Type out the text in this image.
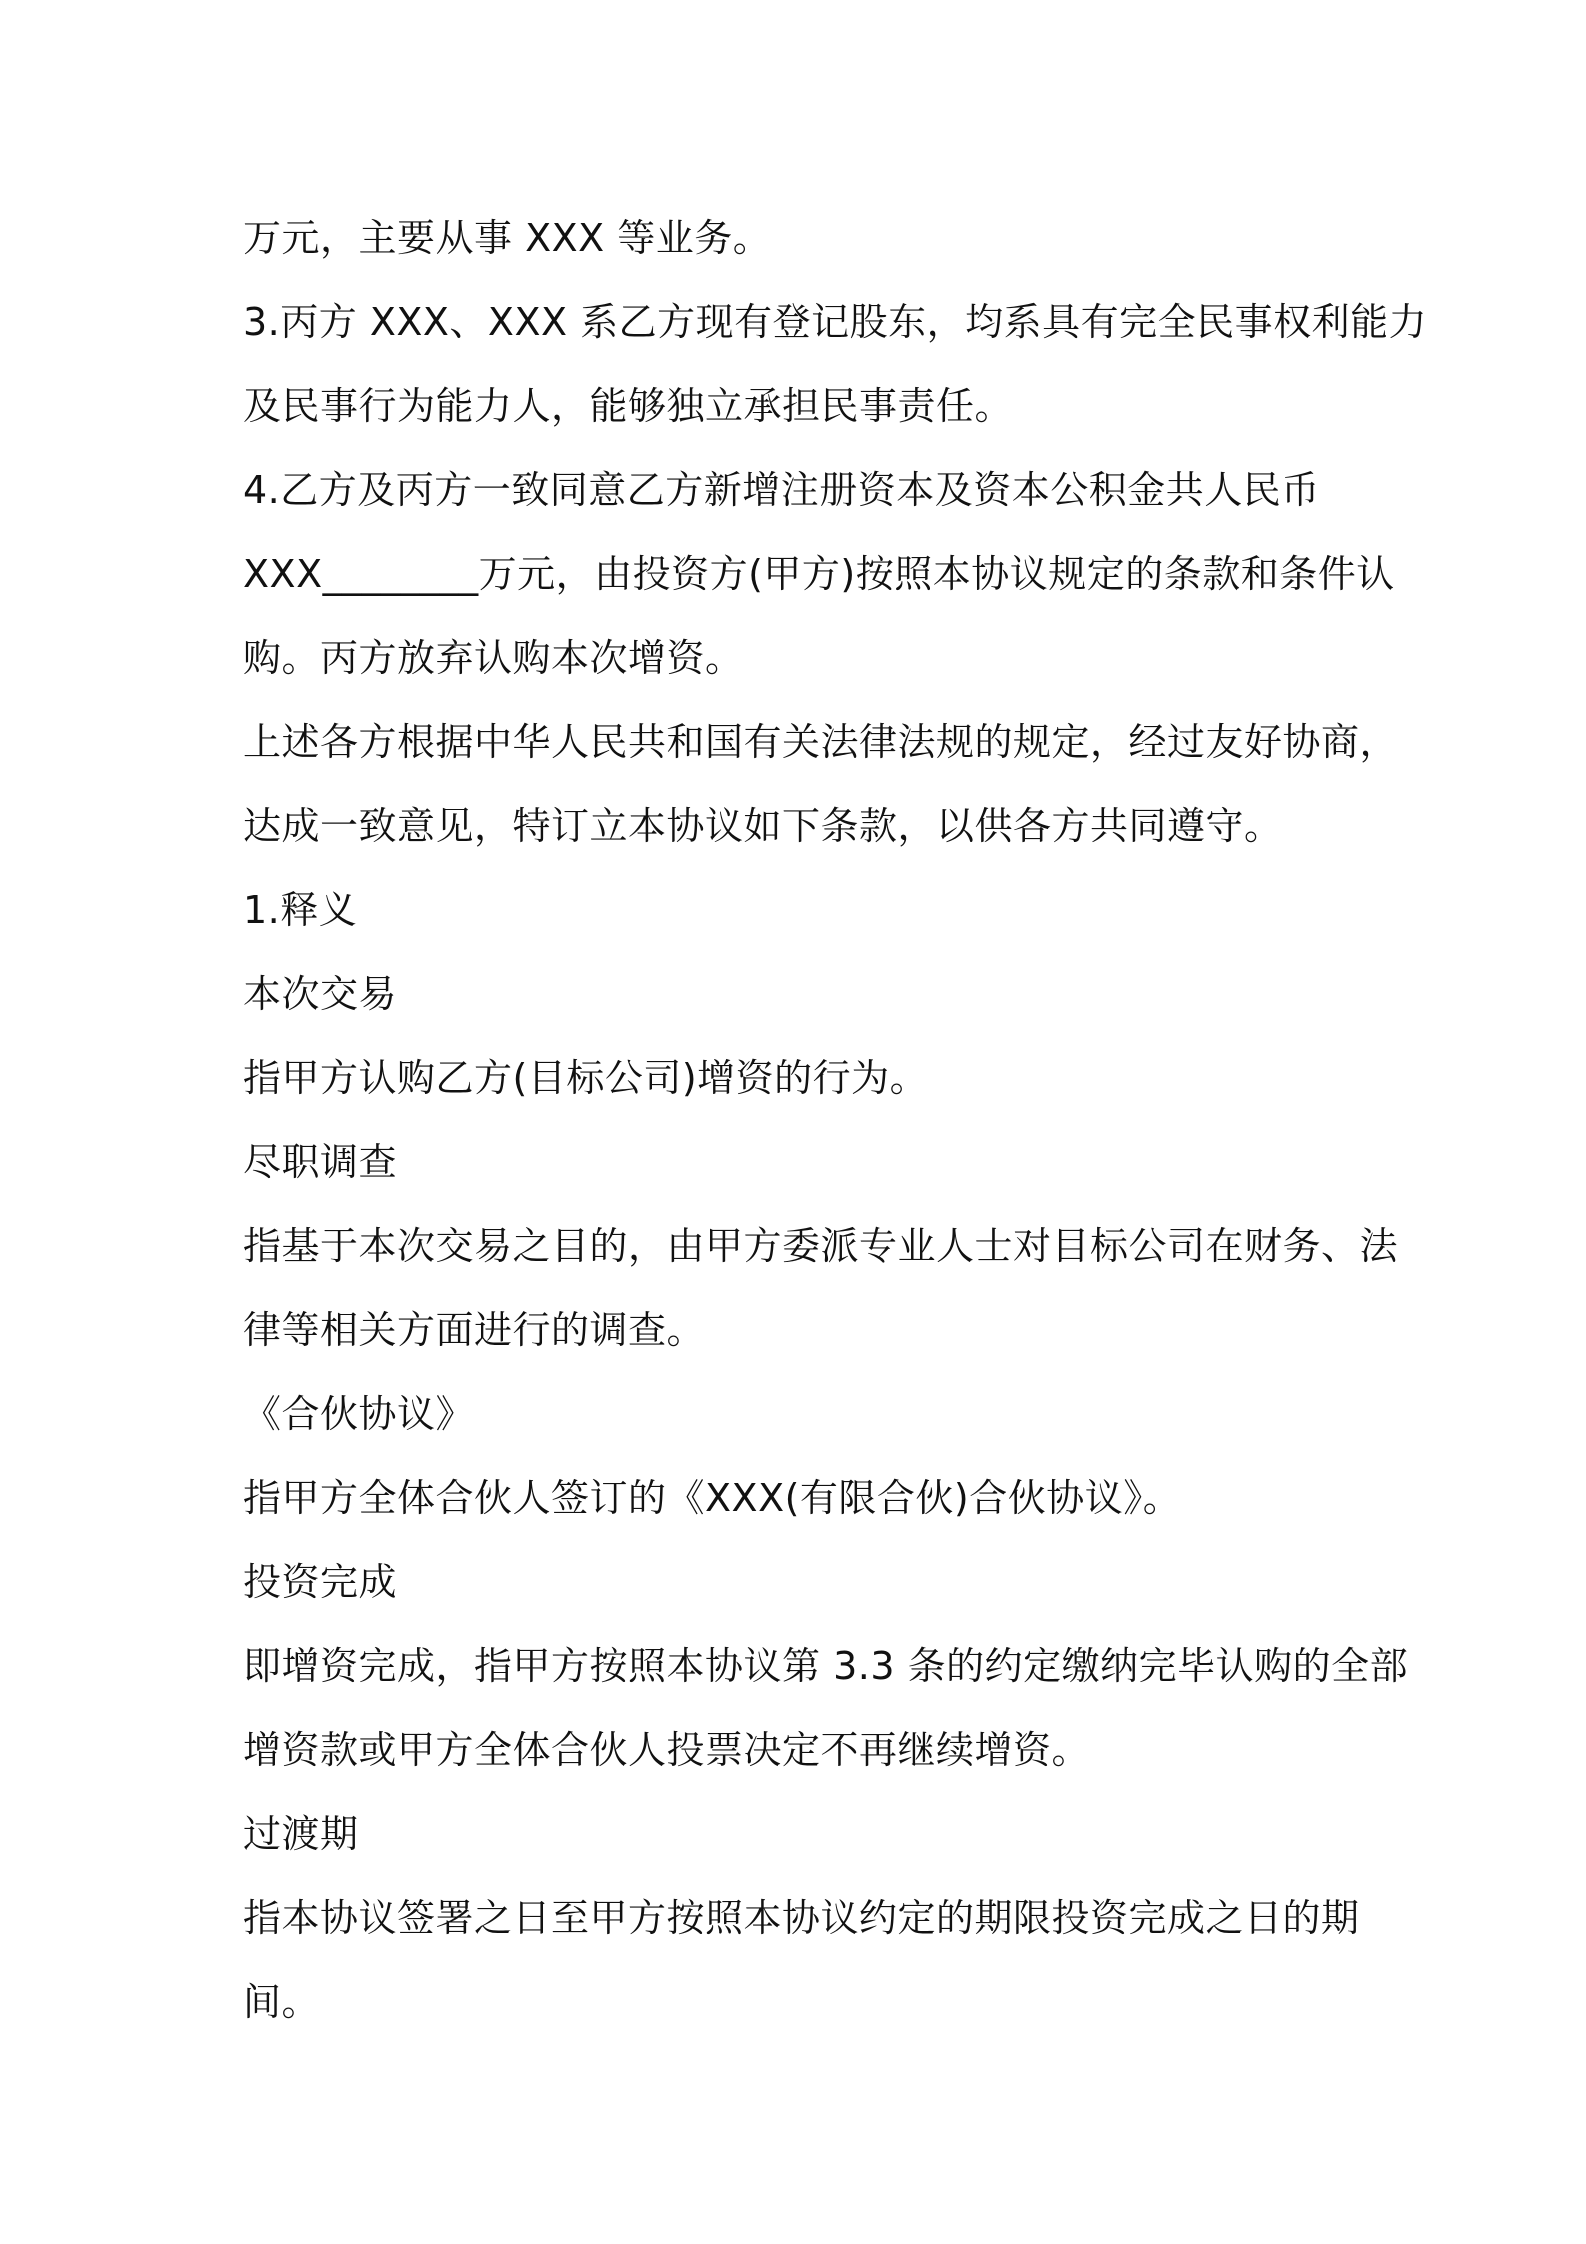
万元，主要从事 XXX 等业务。
3.丙方 XXX、XXX 系乙方现有登记股东，均系具有完全民事权利能力
及民事行为能力人，能够独立承担民事责任。
4.乙方及丙方一致同意乙方新增注册资本及资本公积金共人民币
XXX________万元，由投资方(甲方)按照本协议规定的条款和条件认
购。丙方放弃认购本次增资。
上述各方根据中华人民共和国有关法律法规的规定，经过友好协商，
达成一致意见，特订立本协议如下条款，以供各方共同遵守。
1.释义
本次交易
指甲方认购乙方(目标公司)增资的行为。
尽职调查
指基于本次交易之目的，由甲方委派专业人士对目标公司在财务、法
律等相关方面进行的调查。
《合伙协议》
指甲方全体合伙人签订的《XXX(有限合伙)合伙协议》。
投资完成
即增资完成，指甲方按照本协议第 3.3 条的约定缴纳完毕认购的全部
增资款或甲方全体合伙人投票决定不再继续增资。
过渡期
指本协议签署之日至甲方按照本协议约定的期限投资完成之日的期
间。
